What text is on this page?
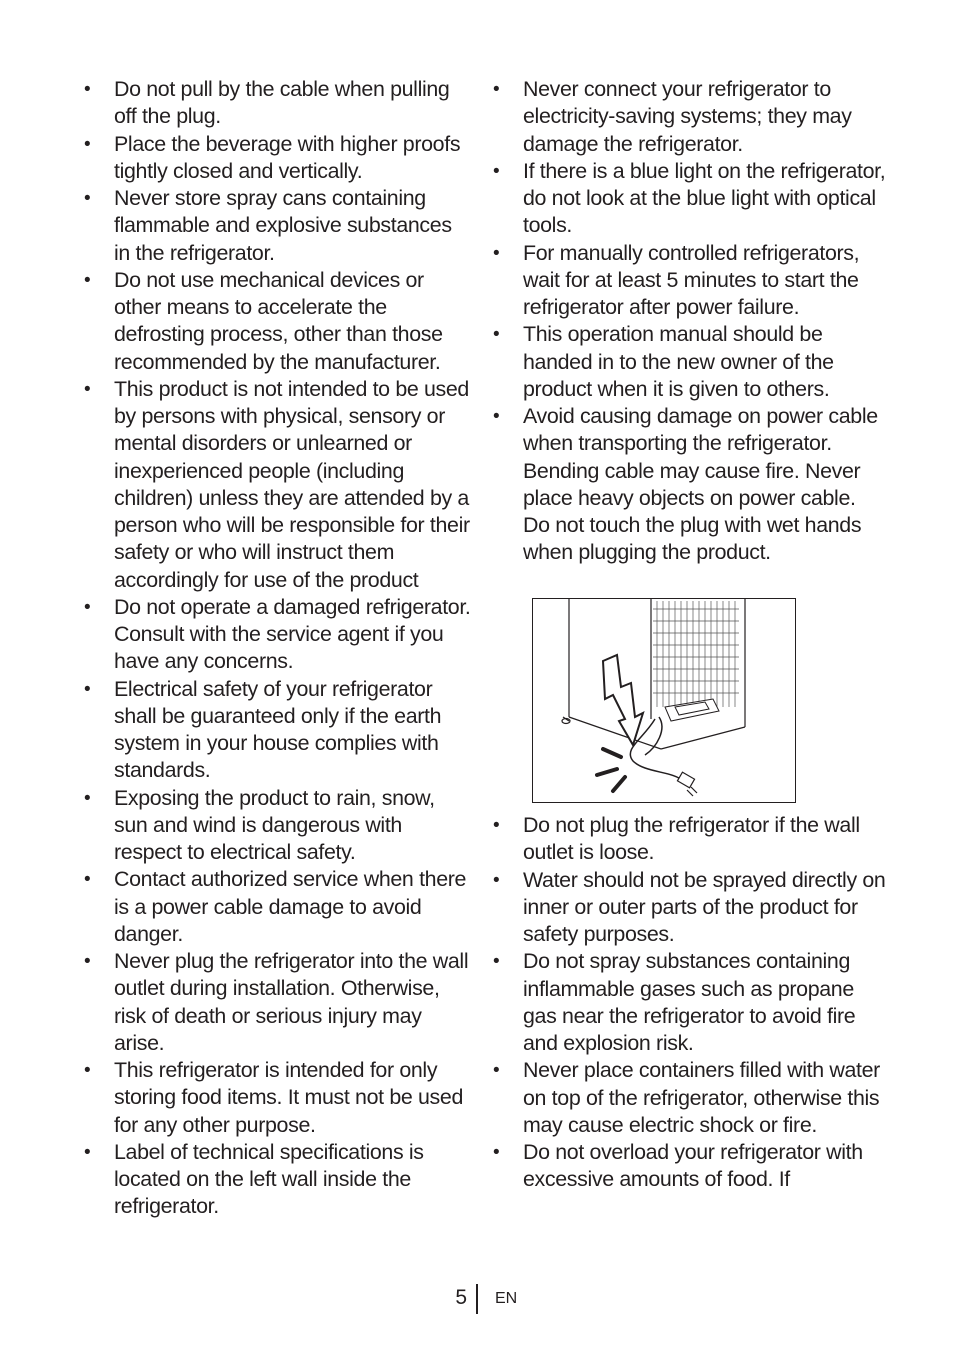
• Do not pull by the cable when pulling off the plug.
• Place the beverage with higher proofs tightly closed and vertically.
• Never store spray cans containing flammable and explosive substances in the refrigerator.
• Do not use mechanical devices or other means to accelerate the defrosting process, other than those recommended by the manufacturer.
• This product is not intended to be used by persons with physical, sensory or mental disorders or unlearned or inexperienced people (including children) unless they are attended by a person who will be responsible for their safety or who will instruct them accordingly for use of the product
• Do not operate a damaged refrigerator. Consult with the service agent if you have any concerns.
• Electrical safety of your refrigerator shall be guaranteed only if the earth system in your house complies with standards.
• Exposing the product to rain, snow, sun and wind is dangerous with respect to electrical safety.
• Contact authorized service when there is a power cable damage to avoid danger.
• Never plug the refrigerator into the wall outlet during installation. Otherwise, risk of death or serious injury may arise.
• This refrigerator is intended for only storing food items. It must not be used for any other purpose.
• Label of technical specifications is located on the left wall inside the refrigerator.
• Never connect your refrigerator to electricity-saving systems; they may damage the refrigerator.
• If there is a blue light on the refrigerator, do not look at the blue light with optical tools.
• For manually controlled refrigerators, wait for at least 5 minutes to start the refrigerator after power failure.
• This operation manual should be handed in to the new owner of the product when it is given to others.
• Avoid causing damage on power cable when transporting the refrigerator. Bending cable may cause fire. Never place heavy objects on power cable. Do not touch the plug with wet hands when plugging the product.
• Do not plug the refrigerator if the wall outlet is loose.
• Water should not be sprayed directly on inner or outer parts of the product for safety purposes.
• Do not spray substances containing inflammable gases such as propane gas near the refrigerator to avoid fire and explosion risk.
• Never place containers filled with water on top of the refrigerator, otherwise this may cause electric shock or fire.
• Do not overload your refrigerator with excessive amounts of food. If
5 EN
